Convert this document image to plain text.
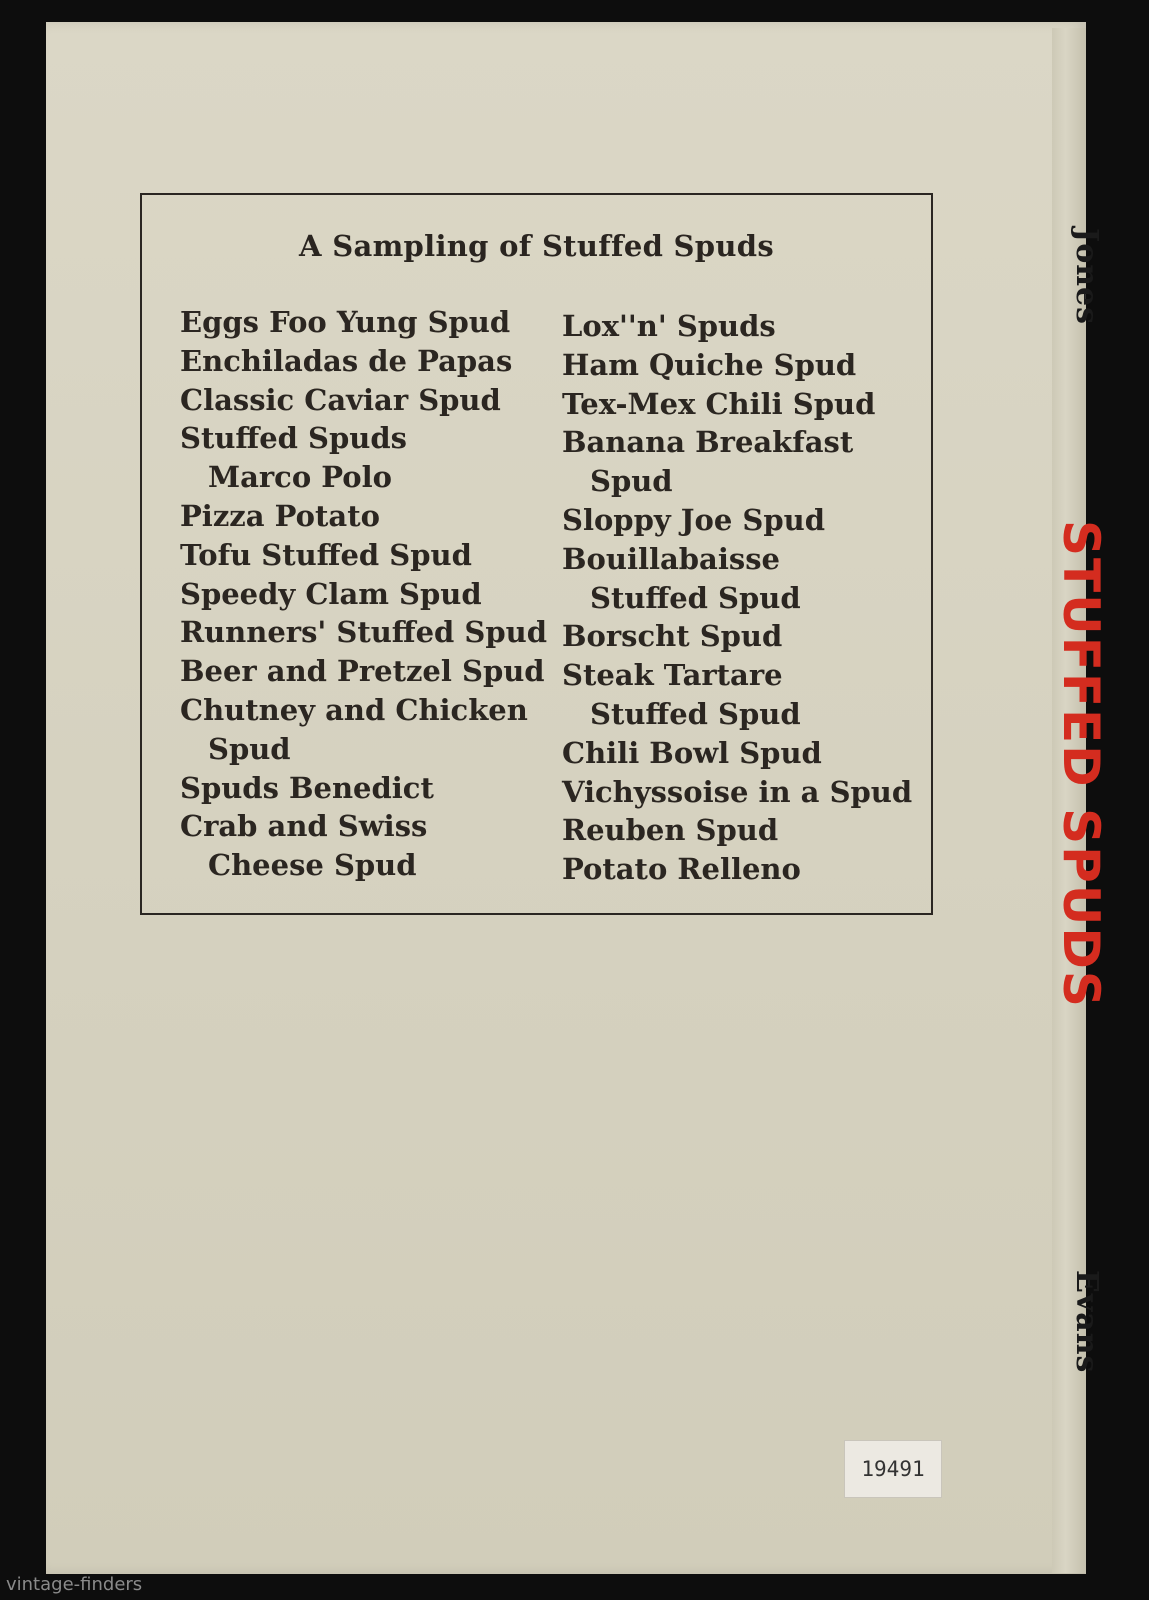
Jones
STUFFED SPUDS
Evans
A Sampling of Stuffed Spuds
Eggs Foo Yung Spud
Enchiladas de Papas
Classic Caviar Spud
Stuffed Spuds
Marco Polo
Pizza Potato
Tofu Stuffed Spud
Speedy Clam Spud
Runners' Stuffed Spud
Beer and Pretzel Spud
Chutney and Chicken
Spud
Spuds Benedict
Crab and Swiss
Cheese Spud
Lox''n' Spuds
Ham Quiche Spud
Tex-Mex Chili Spud
Banana Breakfast
Spud
Sloppy Joe Spud
Bouillabaisse
Stuffed Spud
Borscht Spud
Steak Tartare
Stuffed Spud
Chili Bowl Spud
Vichyssoise in a Spud
Reuben Spud
Potato Relleno
19491
vintage-finders
